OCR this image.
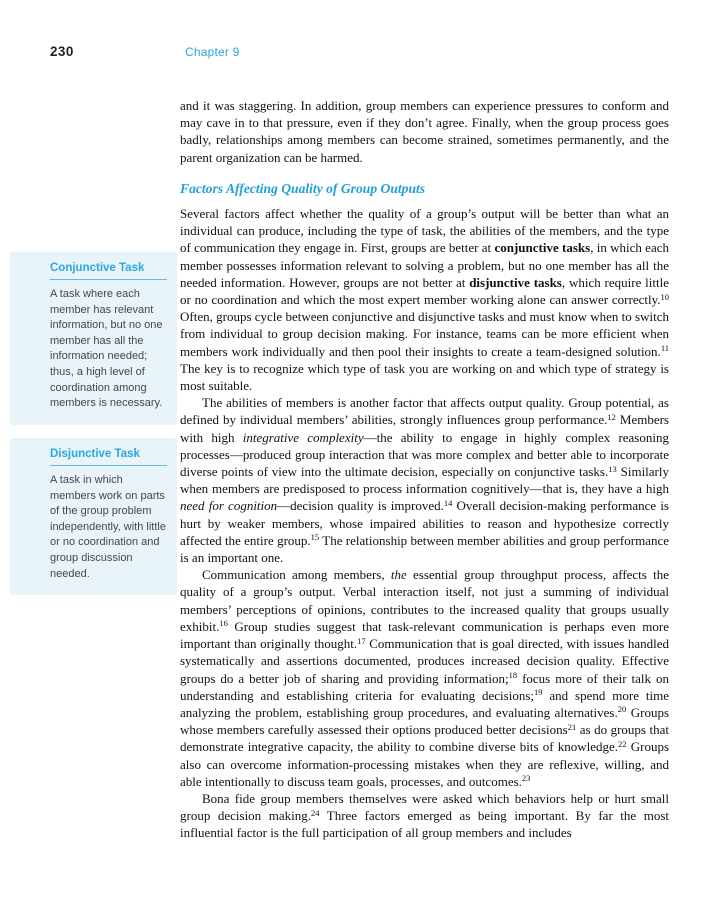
230	Chapter 9
Conjunctive Task
A task where each member has relevant information, but no one member has all the information needed; thus, a high level of coordination among members is necessary.
Disjunctive Task
A task in which members work on parts of the group problem independently, with little or no coordination and group discussion needed.

and it was staggering. In addition, group members can experience pressures to conform and may cave in to that pressure, even if they don’t agree. Finally, when the group process goes badly, relationships among members can become strained, sometimes permanently, and the parent organization can be harmed.

Factors Affecting Quality of Group Outputs

Several factors affect whether the quality of a group’s output will be better than what an individual can produce, including the type of task, the abilities of the members, and the type of communication they engage in. First, groups are better at conjunctive tasks, in which each member possesses information relevant to solving a problem, but no one member has all the needed information. However, groups are not better at disjunctive tasks, which require little or no coordination and which the most expert member working alone can answer correctly.$^{10}$ Often, groups cycle between conjunctive and disjunctive tasks and must know when to switch from individual to group decision making. For instance, teams can be more efficient when members work individually and then pool their insights to create a team-designed solution.$^{11}$ The key is to recognize which type of task you are working on and which type of strategy is most suitable.

The abilities of members is another factor that affects output quality. Group potential, as defined by individual members’ abilities, strongly influences group performance.$^{12}$ Members with high integrative complexity—the ability to engage in highly complex reasoning processes—produced group interaction that was more complex and better able to incorporate diverse points of view into the ultimate decision, especially on conjunctive tasks.$^{13}$ Similarly when members are predisposed to process information cognitively—that is, they have a high need for cognition—decision quality is improved.$^{14}$ Overall decision-making performance is hurt by weaker members, whose impaired abilities to reason and hypothesize correctly affected the entire group.$^{15}$ The relationship between member abilities and group performance is an important one.

Communication among members, the essential group throughput process, affects the quality of a group’s output. Verbal interaction itself, not just a summing of individual members’ perceptions of opinions, contributes to the increased quality that groups usually exhibit.$^{16}$ Group studies suggest that task-relevant communication is perhaps even more important than originally thought.$^{17}$ Communication that is goal directed, with issues handled systematically and assertions documented, produces increased decision quality. Effective groups do a better job of sharing and providing information;$^{18}$ focus more of their talk on understanding and establishing criteria for evaluating decisions;$^{19}$ and spend more time analyzing the problem, establishing group procedures, and evaluating alternatives.$^{20}$ Groups whose members carefully assessed their options produced better decisions$^{21}$ as do groups that demonstrate integrative capacity, the ability to combine diverse bits of knowledge.$^{22}$ Groups also can overcome information-processing mistakes when they are reflexive, willing, and able intentionally to discuss team goals, processes, and outcomes.$^{23}$

Bona fide group members themselves were asked which behaviors help or hurt small group decision making.$^{24}$ Three factors emerged as being important. By far the most influential factor is the full participation of all group members and includes
